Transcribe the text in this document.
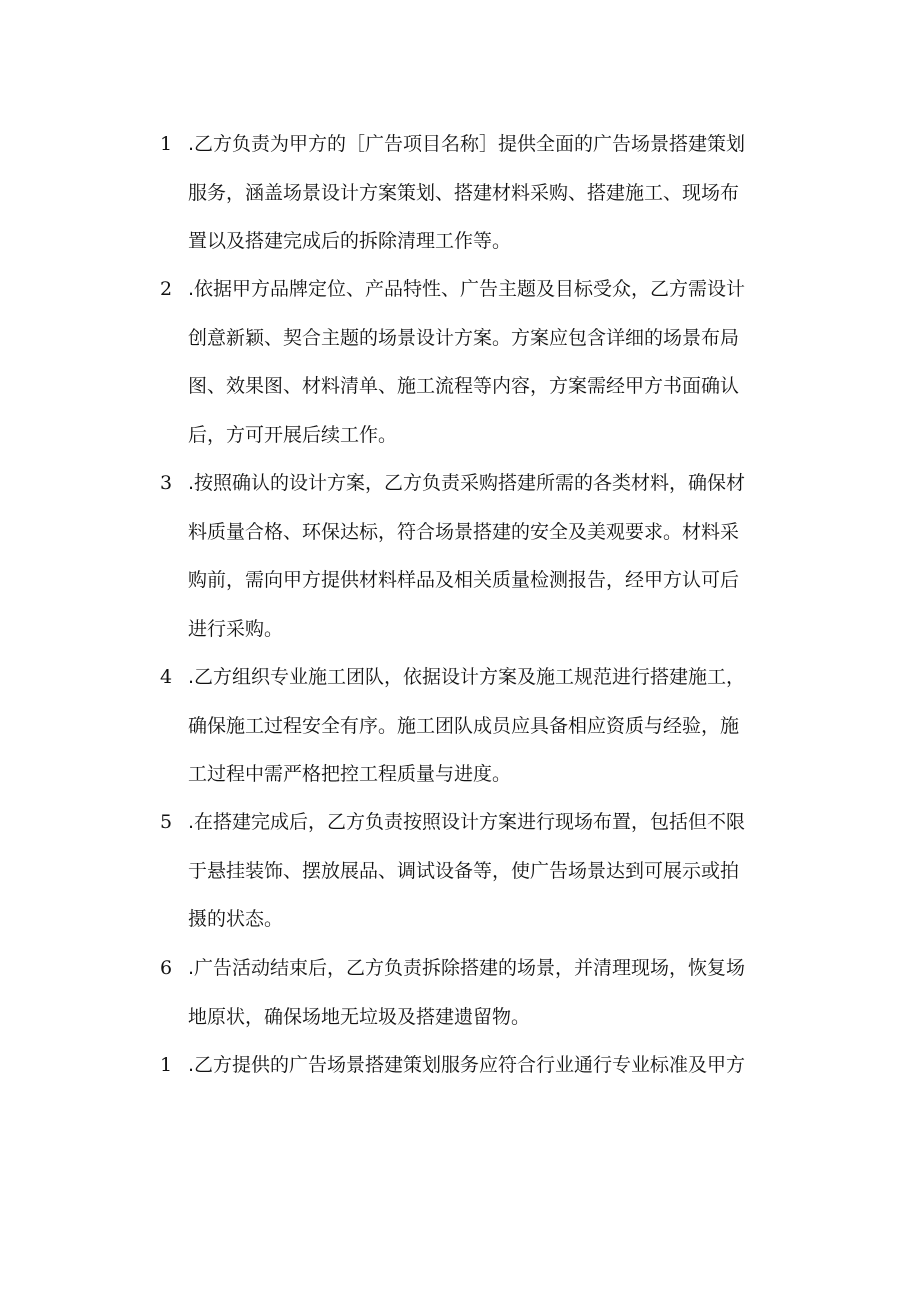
1 .乙方负责为甲方的［广告项目名称］提供全面的广告场景搭建策划
服务，涵盖场景设计方案策划、搭建材料采购、搭建施工、现场布
置以及搭建完成后的拆除清理工作等。
2 .依据甲方品牌定位、产品特性、广告主题及目标受众，乙方需设计
创意新颖、契合主题的场景设计方案。方案应包含详细的场景布局
图、效果图、材料清单、施工流程等内容，方案需经甲方书面确认
后，方可开展后续工作。
3 .按照确认的设计方案，乙方负责采购搭建所需的各类材料，确保材
料质量合格、环保达标，符合场景搭建的安全及美观要求。材料采
购前，需向甲方提供材料样品及相关质量检测报告，经甲方认可后
进行采购。
4 .乙方组织专业施工团队，依据设计方案及施工规范进行搭建施工，
确保施工过程安全有序。施工团队成员应具备相应资质与经验，施
工过程中需严格把控工程质量与进度。
5 .在搭建完成后，乙方负责按照设计方案进行现场布置，包括但不限
于悬挂装饰、摆放展品、调试设备等，使广告场景达到可展示或拍
摄的状态。
6 .广告活动结束后，乙方负责拆除搭建的场景，并清理现场，恢复场
地原状，确保场地无垃圾及搭建遗留物。
1 .乙方提供的广告场景搭建策划服务应符合行业通行专业标准及甲方
